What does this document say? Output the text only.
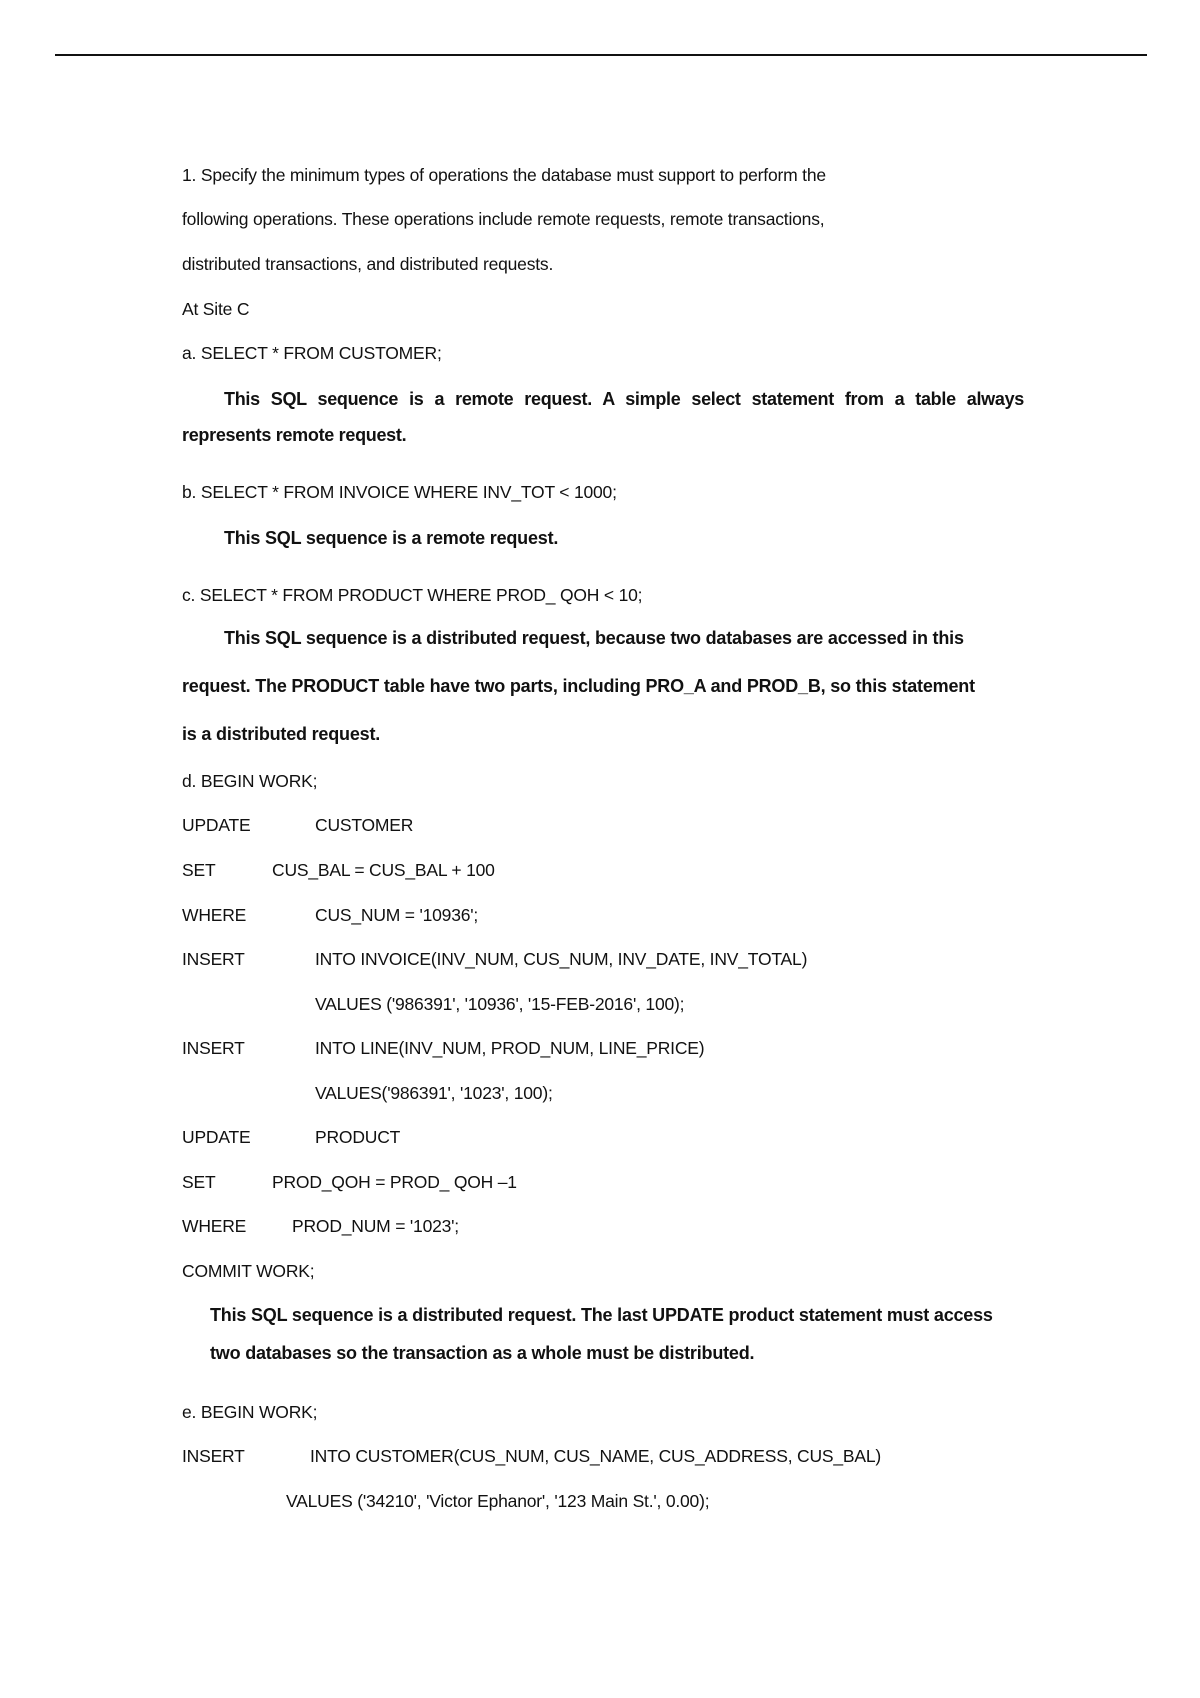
1. Specify the minimum types of operations the database must support to perform the
following operations. These operations include remote requests, remote transactions,
distributed transactions, and distributed requests.
At Site C
a. SELECT * FROM CUSTOMER;
This SQL sequence is a remote request. A simple select statement from a table always represents remote request.
b. SELECT * FROM INVOICE WHERE INV_TOT < 1000;
This SQL sequence is a remote request.
c. SELECT * FROM PRODUCT WHERE PROD_ QOH < 10;
This SQL sequence is a distributed request, because two databases are accessed in this
request. The PRODUCT table have two parts, including PRO_A and PROD_B, so this statement
is a distributed request.
d. BEGIN WORK;
UPDATE	CUSTOMER
SET	CUS_BAL = CUS_BAL + 100
WHERE	CUS_NUM = '10936';
INSERT	INTO INVOICE(INV_NUM, CUS_NUM, INV_DATE, INV_TOTAL)
VALUES ('986391', '10936', '15-FEB-2016', 100);
INSERT	INTO LINE(INV_NUM, PROD_NUM, LINE_PRICE)
VALUES('986391', '1023', 100);
UPDATE	PRODUCT
SET	PROD_QOH = PROD_ QOH –1
WHERE	PROD_NUM = '1023';
COMMIT WORK;
This SQL sequence is a distributed request. The last UPDATE product statement must access
two databases so the transaction as a whole must be distributed.
e. BEGIN WORK;
INSERT	INTO CUSTOMER(CUS_NUM, CUS_NAME, CUS_ADDRESS, CUS_BAL)
VALUES ('34210', 'Victor Ephanor', '123 Main St.', 0.00);
